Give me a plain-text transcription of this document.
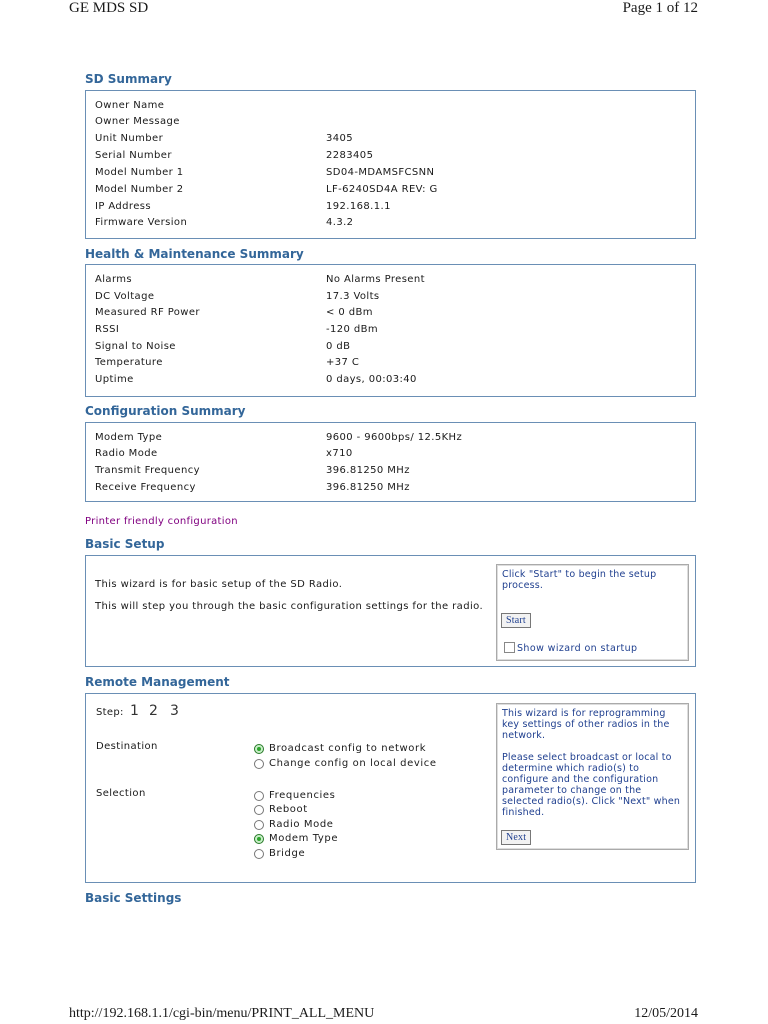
GE MDS SD	Page 1 of 12
SD Summary
Owner Name
Owner Message
Unit Number	3405
Serial Number	2283405
Model Number 1	SD04-MDAMSFCSNN
Model Number 2	LF-6240SD4A REV: G
IP Address	192.168.1.1
Firmware Version	4.3.2
Health & Maintenance Summary
Alarms	No Alarms Present
DC Voltage	17.3 Volts
Measured RF Power	< 0 dBm
RSSI	-120 dBm
Signal to Noise	0 dB
Temperature	+37 C
Uptime	0 days, 00:03:40
Configuration Summary
Modem Type	9600 - 9600bps/ 12.5KHz
Radio Mode	x710
Transmit Frequency	396.81250 MHz
Receive Frequency	396.81250 MHz
Printer friendly configuration
Basic Setup
This wizard is for basic setup of the SD Radio.
This will step you through the basic configuration settings for the radio.
Click "Start" to begin the setup process.
Start
Show wizard on startup
Remote Management
Step: 1 2 3
Destination	Broadcast config to network
Change config on local device
Selection	Frequencies
Reboot
Radio Mode
Modem Type
Bridge
This wizard is for reprogramming key settings of other radios in the network.
Please select broadcast or local to determine which radio(s) to configure and the configuration parameter to change on the selected radio(s). Click "Next" when finished.
Next
Basic Settings
http://192.168.1.1/cgi-bin/menu/PRINT_ALL_MENU	12/05/2014
